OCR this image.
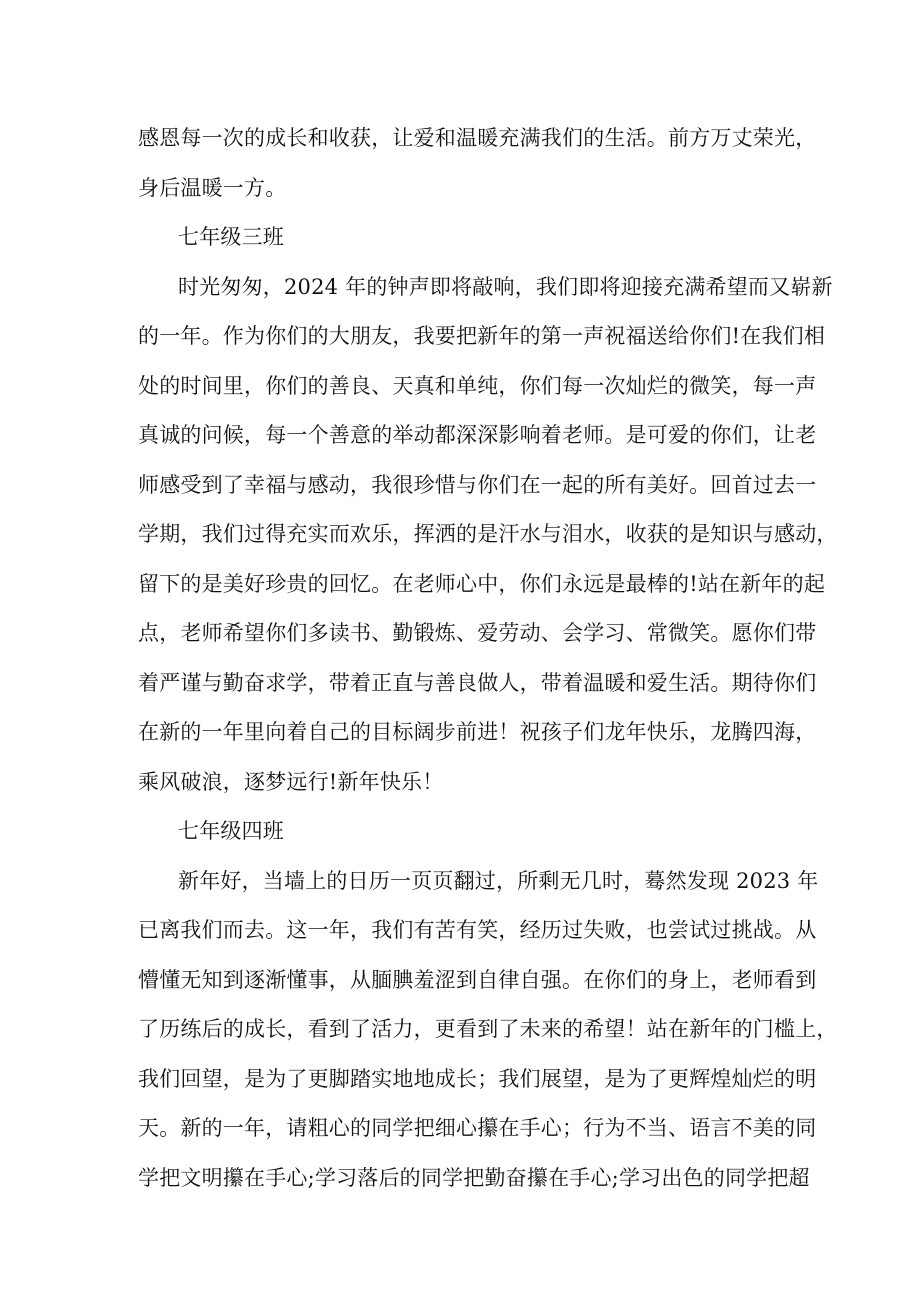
感恩每一次的成长和收获，让爱和温暖充满我们的生活。前方万丈荣光，
身后温暖一方。
七年级三班
时光匆匆，2024 年的钟声即将敲响，我们即将迎接充满希望而又崭新
的一年。作为你们的大朋友，我要把新年的第一声祝福送给你们!在我们相
处的时间里，你们的善良、天真和单纯，你们每一次灿烂的微笑，每一声
真诚的问候，每一个善意的举动都深深影响着老师。是可爱的你们，让老
师感受到了幸福与感动，我很珍惜与你们在一起的所有美好。回首过去一
学期，我们过得充实而欢乐，挥洒的是汗水与泪水，收获的是知识与感动，
留下的是美好珍贵的回忆。在老师心中，你们永远是最棒的!站在新年的起
点，老师希望你们多读书、勤锻炼、爱劳动、会学习、常微笑。愿你们带
着严谨与勤奋求学，带着正直与善良做人，带着温暖和爱生活。期待你们
在新的一年里向着自己的目标阔步前进！祝孩子们龙年快乐，龙腾四海，
乘风破浪，逐梦远行!新年快乐！
七年级四班
新年好，当墙上的日历一页页翻过，所剩无几时，蓦然发现 2023 年
已离我们而去。这一年，我们有苦有笑，经历过失败，也尝试过挑战。从
懵懂无知到逐渐懂事，从腼腆羞涩到自律自强。在你们的身上，老师看到
了历练后的成长，看到了活力，更看到了未来的希望！站在新年的门槛上，
我们回望，是为了更脚踏实地地成长；我们展望，是为了更辉煌灿烂的明
天。新的一年，请粗心的同学把细心攥在手心；行为不当、语言不美的同
学把文明攥在手心;学习落后的同学把勤奋攥在手心;学习出色的同学把超
